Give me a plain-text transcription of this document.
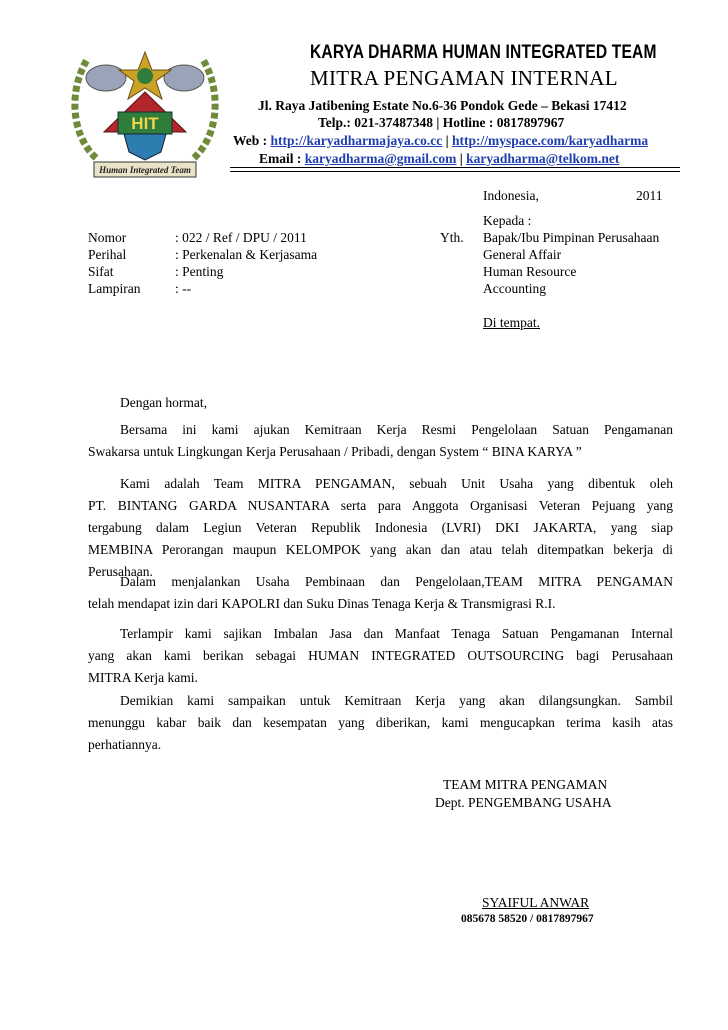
HIT
Human Integrated Team
KARYA DHARMA HUMAN INTEGRATED TEAM
MITRA PENGAMAN INTERNAL
Jl. Raya Jatibening Estate No.6-36 Pondok Gede – Bekasi 17412
Telp.: 021-37487348 | Hotline : 0817897967
Web : http://karyadharmajaya.co.cc | http://myspace.com/karyadharma
Email : karyadharma@gmail.com | karyadharma@telkom.net
Indonesia,	2011
Kepada :
Yth. Bapak/Ibu Pimpinan Perusahaan
General Affair
Human Resource
Accounting
Di tempat.
Nomor	: 022 / Ref / DPU / 2011
Perihal	: Perkenalan & Kerjasama
Sifat	: Penting
Lampiran	: --
Dengan hormat,
Bersama ini kami ajukan Kemitraan Kerja Resmi Pengelolaan Satuan Pengamanan
Swakarsa untuk Lingkungan Kerja Perusahaan / Pribadi, dengan System “ BINA KARYA ”
Kami adalah Team MITRA PENGAMAN, sebuah Unit Usaha yang dibentuk oleh
PT. BINTANG GARDA NUSANTARA serta para Anggota Organisasi Veteran Pejuang yang
tergabung dalam Legiun Veteran Republik Indonesia (LVRI) DKI JAKARTA, yang siap
MEMBINA Perorangan maupun KELOMPOK yang akan dan atau telah ditempatkan bekerja di
Perusahaan.
Dalam menjalankan Usaha Pembinaan dan Pengelolaan,TEAM MITRA PENGAMAN
telah mendapat izin dari KAPOLRI dan Suku Dinas Tenaga Kerja & Transmigrasi R.I.
Terlampir kami sajikan Imbalan Jasa dan Manfaat Tenaga Satuan Pengamanan Internal
yang akan kami berikan sebagai HUMAN INTEGRATED OUTSOURCING bagi Perusahaan
MITRA Kerja kami.
Demikian kami sampaikan untuk Kemitraan Kerja yang akan dilangsungkan. Sambil
menunggu kabar baik dan kesempatan yang diberikan, kami mengucapkan terima kasih atas
perhatiannya.
TEAM MITRA PENGAMAN
Dept. PENGEMBANG USAHA
SYAIFUL ANWAR
085678 58520 / 0817897967
